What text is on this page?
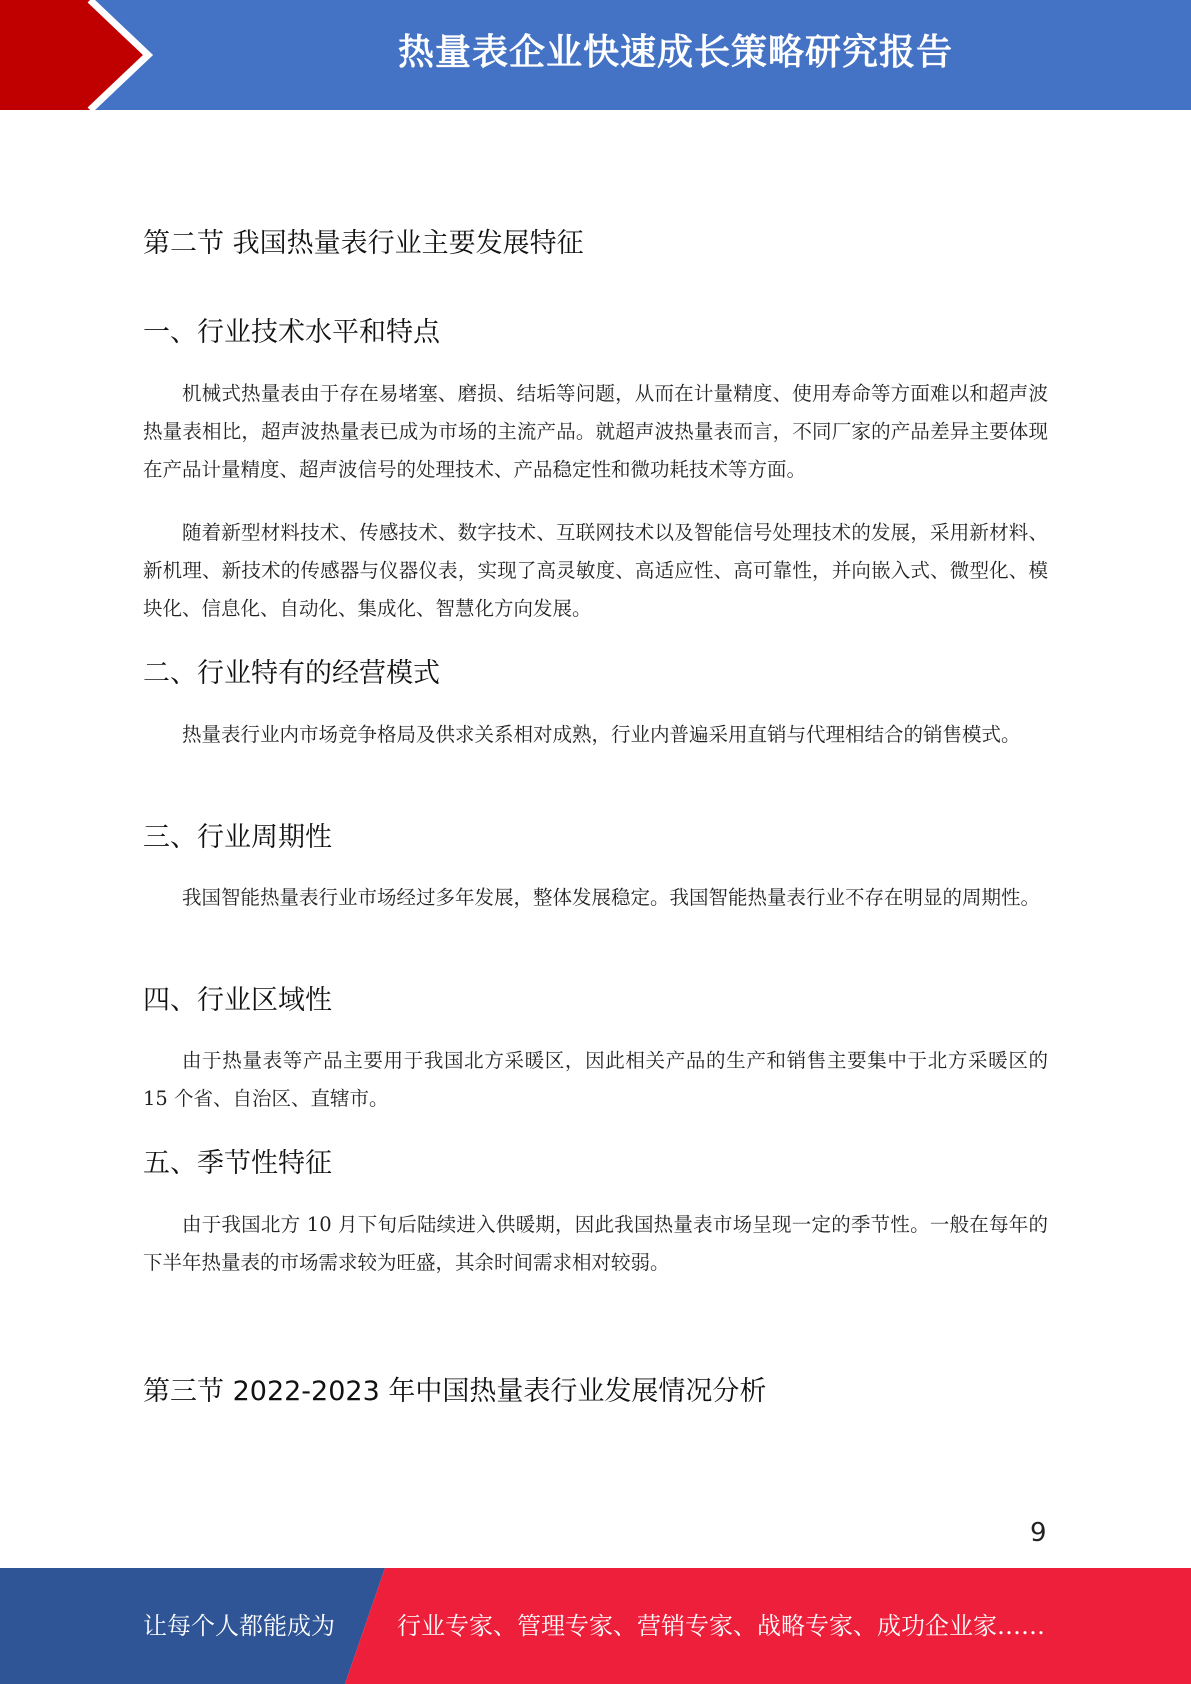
热量表企业快速成长策略研究报告
第二节 我国热量表行业主要发展特征
一、行业技术水平和特点
机械式热量表由于存在易堵塞、磨损、结垢等问题，从而在计量精度、使用寿命等方面难以和超声波热量表相比，超声波热量表已成为市场的主流产品。就超声波热量表而言，不同厂家的产品差异主要体现在产品计量精度、超声波信号的处理技术、产品稳定性和微功耗技术等方面。
随着新型材料技术、传感技术、数字技术、互联网技术以及智能信号处理技术的发展，采用新材料、新机理、新技术的传感器与仪器仪表，实现了高灵敏度、高适应性、高可靠性，并向嵌入式、微型化、模块化、信息化、自动化、集成化、智慧化方向发展。
二、行业特有的经营模式
热量表行业内市场竞争格局及供求关系相对成熟，行业内普遍采用直销与代理相结合的销售模式。
三、行业周期性
我国智能热量表行业市场经过多年发展，整体发展稳定。我国智能热量表行业不存在明显的周期性。
四、行业区域性
由于热量表等产品主要用于我国北方采暖区，因此相关产品的生产和销售主要集中于北方采暖区的 15 个省、自治区、直辖市。
五、季节性特征
由于我国北方 10 月下旬后陆续进入供暖期，因此我国热量表市场呈现一定的季节性。一般在每年的下半年热量表的市场需求较为旺盛，其余时间需求相对较弱。
第三节 2022-2023 年中国热量表行业发展情况分析
9
让每个人都能成为	行业专家、管理专家、营销专家、战略专家、成功企业家……
